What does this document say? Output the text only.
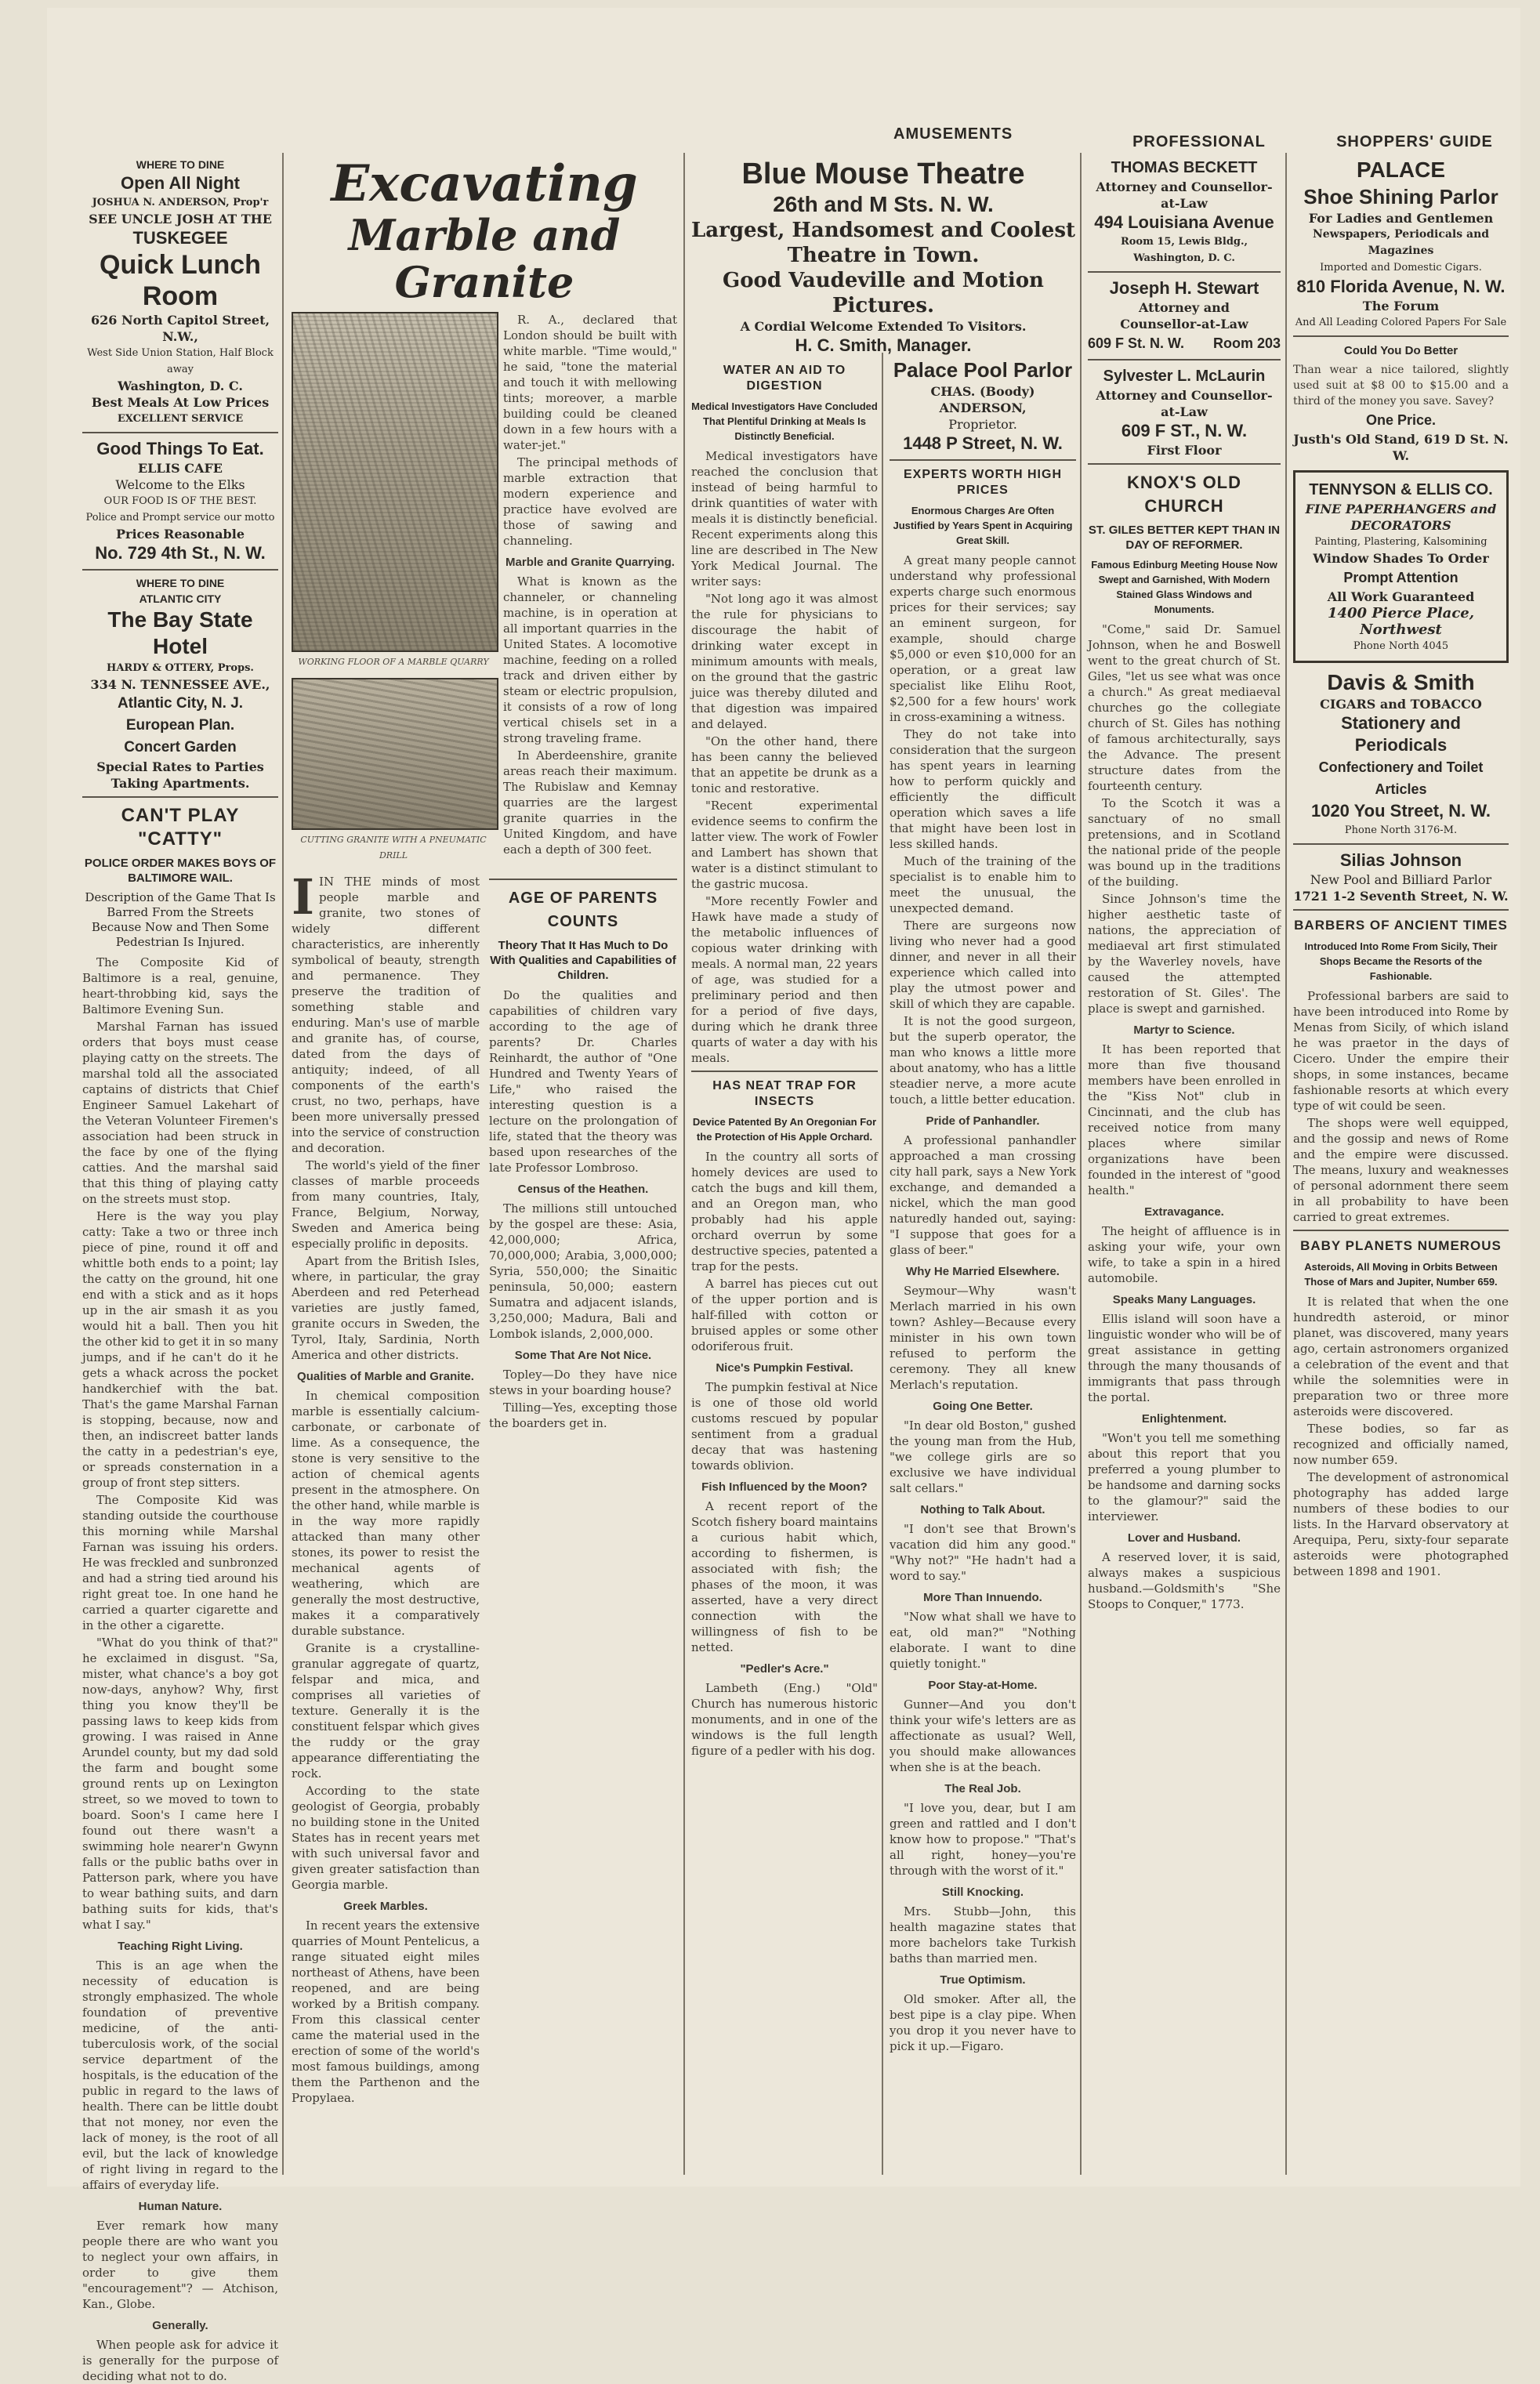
AMUSEMENTS	PROFESSIONAL	SHOPPERS' GUIDE
WHERE TO DINE
Open All Night
JOSHUA N. ANDERSON, Prop'r
SEE UNCLE JOSH AT THE
TUSKEGEE
Quick Lunch Room
626 North Capitol Street, N.W.,
West Side Union Station, Half Block away
Washington, D. C.
Best Meals At Low Prices
EXCELLENT SERVICE
Good Things To Eat.
ELLIS CAFE
Welcome to the Elks
OUR FOOD IS OF THE BEST.
Police and Prompt service our motto
Prices Reasonable
No. 729 4th St., N. W.
WHERE TO DINE
ATLANTIC CITY
The Bay State Hotel
HARDY & OTTERY, Props.
334 N. TENNESSEE AVE.,
Atlantic City, N. J.
European Plan.
Concert Garden
Special Rates to Parties Taking Apartments.
CAN'T PLAY "CATTY"
POLICE ORDER MAKES BOYS OF BALTIMORE WAIL.
Description of the Game That Is Barred From the Streets Because Now and Then Some Pedestrian Is Injured.

The Composite Kid of Baltimore is a real, genuine, heart-throbbing kid, says the Baltimore Evening Sun.

Marshal Farnan has issued orders that boys must cease playing catty on the streets. The marshal told all the associated captains of districts that Chief Engineer Samuel Lakehart of the Veteran Volunteer Firemen's association had been struck in the face by one of the flying catties. And the marshal said that this thing of playing catty on the streets must stop.

Here is the way you play catty: Take a two or three inch piece of pine, round it off and whittle both ends to a point; lay the catty on the ground, hit one end with a stick and as it hops up in the air smash it as you would hit a ball. Then you hit the other kid to get it in so many jumps, and if he can't do it he gets a whack across the pocket handkerchief with the bat. That's the game Marshal Farnan is stopping, because, now and then, an indiscreet batter lands the catty in a pedestrian's eye, or spreads consternation in a group of front step sitters.

The Composite Kid was standing outside the courthouse this morning while Marshal Farnan was issuing his orders. He was freckled and sunbronzed and had a string tied around his right great toe. In one hand he carried a quarter cigarette and in the other a cigarette.

"What do you think of that?" he exclaimed in disgust. "Sa, mister, what chance's a boy got now-days, anyhow? Why, first thing you know they'll be passing laws to keep kids from growing. I was raised in Anne Arundel county, but my dad sold the farm and bought some ground rents up on Lexington street, so we moved to town to board. Soon's I came here I found out there wasn't a swimming hole nearer'n Gwynn falls or the public baths over in Patterson park, where you have to wear bathing suits, and darn bathing suits for kids, that's what I say."

Teaching Right Living.

This is an age when the necessity of education is strongly emphasized. The whole foundation of preventive medicine, of the anti-tuberculosis work, of the social service department of the hospitals, is the education of the public in regard to the laws of health. There can be little doubt that not money, nor even the lack of money, is the root of all evil, but the lack of knowledge of right living in regard to the affairs of everyday life.

Human Nature.

Ever remark how many people there are who want you to neglect your own affairs, in order to give them "encouragement"? — Atchison, Kan., Globe.

Generally.

When people ask for advice it is generally for the purpose of deciding what not to do.

Excavating
Marble and Granite
WORKING FLOOR OF A MARBLE QUARRY
CUTTING GRANITE WITH A PNEUMATIC DRILL

R. A., declared that London should be built with white marble. "Time would," he said, "tone the material and touch it with mellowing tints; moreover, a marble building could be cleaned down in a few hours with a water-jet."

The principal methods of marble extraction that modern experience and practice have evolved are those of sawing and channeling.

Marble and Granite Quarrying.

What is known as the channeler, or channeling machine, is in operation at all important quarries in the United States. A locomotive machine, feeding on a rolled track and driven either by steam or electric propulsion, it consists of a row of long vertical chisels set in a strong traveling frame.

In Aberdeenshire, granite areas reach their maximum. The Rubislaw and Kemnay quarries are the largest granite quarries in the United Kingdom, and have each a depth of 300 feet.

IIN THE minds of most people marble and granite, two stones of widely different characteristics, are inherently symbolical of beauty, strength and permanence. They preserve the tradition of something stable and enduring. Man's use of marble and granite has, of course, dated from the days of antiquity; indeed, of all components of the earth's crust, no two, perhaps, have been more universally pressed into the service of construction and decoration.

The world's yield of the finer classes of marble proceeds from many countries, Italy, France, Belgium, Norway, Sweden and America being especially prolific in deposits.

Apart from the British Isles, where, in particular, the gray Aberdeen and red Peterhead varieties are justly famed, granite occurs in Sweden, the Tyrol, Italy, Sardinia, North America and other districts.

Qualities of Marble and Granite.

In chemical composition marble is essentially calcium-carbonate, or carbonate of lime. As a consequence, the stone is very sensitive to the action of chemical agents present in the atmosphere. On the other hand, while marble is in the way more rapidly attacked than many other stones, its power to resist the mechanical agents of weathering, which are generally the most destructive, makes it a comparatively durable substance.

Granite is a crystalline-granular aggregate of quartz, felspar and mica, and comprises all varieties of texture. Generally it is the constituent felspar which gives the ruddy or the gray appearance differentiating the rock.

According to the state geologist of Georgia, probably no building stone in the United States has in recent years met with such universal favor and given greater satisfaction than Georgia marble.

Greek Marbles.

In recent years the extensive quarries of Mount Pentelicus, a range situated eight miles northeast of Athens, have been reopened, and are being worked by a British company. From this classical center came the material used in the erection of some of the world's most famous buildings, among them the Parthenon and the Propylaea.

AGE OF PARENTS COUNTS
Theory That It Has Much to Do With Qualities and Capabilities of Children.

Do the qualities and capabilities of children vary according to the age of parents? Dr. Charles Reinhardt, the author of "One Hundred and Twenty Years of Life," who raised the interesting question is a lecture on the prolongation of life, stated that the theory was based upon researches of the late Professor Lombroso.

Census of the Heathen.

The millions still untouched by the gospel are these: Asia, 42,000,000; Africa, 70,000,000; Arabia, 3,000,000; Syria, 550,000; the Sinaitic peninsula, 50,000; eastern Sumatra and adjacent islands, 3,250,000; Madura, Bali and Lombok islands, 2,000,000.

Some That Are Not Nice.

Topley—Do they have nice stews in your boarding house?

Tilling—Yes, excepting those the boarders get in.

Blue Mouse Theatre
26th and M Sts. N. W.
Largest, Handsomest and Coolest
Theatre in Town.
Good Vaudeville and Motion Pictures.
A Cordial Welcome Extended To Visitors.
H. C. Smith, Manager.
WATER AN AID TO DIGESTION
Medical Investigators Have Concluded That Plentiful Drinking at Meals Is Distinctly Beneficial.

Medical investigators have reached the conclusion that instead of being harmful to drink quantities of water with meals it is distinctly beneficial. Recent experiments along this line are described in The New York Medical Journal. The writer says:

"Not long ago it was almost the rule for physicians to discourage the habit of drinking water except in minimum amounts with meals, on the ground that the gastric juice was thereby diluted and that digestion was impaired and delayed.

"On the other hand, there has been canny the believed that an appetite be drunk as a tonic and restorative.

"Recent experimental evidence seems to confirm the latter view. The work of Fowler and Lambert has shown that water is a distinct stimulant to the gastric mucosa.

"More recently Fowler and Hawk have made a study of the metabolic influences of copious water drinking with meals. A normal man, 22 years of age, was studied for a preliminary period and then for a period of five days, during which he drank three quarts of water a day with his meals.

HAS NEAT TRAP FOR INSECTS
Device Patented By An Oregonian For the Protection of His Apple Orchard.

In the country all sorts of homely devices are used to catch the bugs and kill them, and an Oregon man, who probably had his apple orchard overrun by some destructive species, patented a trap for the pests.

A barrel has pieces cut out of the upper portion and is half-filled with cotton or bruised apples or some other odoriferous fruit.

Nice's Pumpkin Festival.

The pumpkin festival at Nice is one of those old world customs rescued by popular sentiment from a gradual decay that was hastening towards oblivion.

Fish Influenced by the Moon?

A recent report of the Scotch fishery board maintains a curious habit which, according to fishermen, is associated with fish; the phases of the moon, it was asserted, have a very direct connection with the willingness of fish to be netted.

"Pedler's Acre."

Lambeth (Eng.) "Old" Church has numerous historic monuments, and in one of the windows is the full length figure of a pedler with his dog.

Palace Pool Parlor
CHAS. (Boody) ANDERSON,
Proprietor.
1448 P Street, N. W.
EXPERTS WORTH HIGH PRICES
Enormous Charges Are Often Justified by Years Spent in Acquiring Great Skill.

A great many people cannot understand why professional experts charge such enormous prices for their services; say an eminent surgeon, for example, should charge $5,000 or even $10,000 for an operation, or a great law specialist like Elihu Root, $2,500 for a few hours' work in cross-examining a witness.

They do not take into consideration that the surgeon has spent years in learning how to perform quickly and efficiently the difficult operation which saves a life that might have been lost in less skilled hands.

Much of the training of the specialist is to enable him to meet the unusual, the unexpected demand.

There are surgeons now living who never had a good dinner, and never in all their experience which called into play the utmost power and skill of which they are capable.

It is not the good surgeon, but the superb operator, the man who knows a little more about anatomy, who has a little steadier nerve, a more acute touch, a little better education.

Pride of Panhandler.

A professional panhandler approached a man crossing city hall park, says a New York exchange, and demanded a nickel, which the man good naturedly handed out, saying: "I suppose that goes for a glass of beer."

Why He Married Elsewhere.

Seymour—Why wasn't Merlach married in his own town? Ashley—Because every minister in his own town refused to perform the ceremony. They all knew Merlach's reputation.

Going One Better.

"In dear old Boston," gushed the young man from the Hub, "we college girls are so exclusive we have individual salt cellars."

Nothing to Talk About.

"I don't see that Brown's vacation did him any good." "Why not?" "He hadn't had a word to say."

More Than Innuendo.

"Now what shall we have to eat, old man?" "Nothing elaborate. I want to dine quietly tonight."

Poor Stay-at-Home.

Gunner—And you don't think your wife's letters are as affectionate as usual? Well, you should make allowances when she is at the beach.

The Real Job.

"I love you, dear, but I am green and rattled and I don't know how to propose." "That's all right, honey—you're through with the worst of it."

Still Knocking.

Mrs. Stubb—John, this health magazine states that more bachelors take Turkish baths than married men.

True Optimism.

Old smoker. After all, the best pipe is a clay pipe. When you drop it you never have to pick it up.—Figaro.

THOMAS BECKETT
Attorney and Counsellor-at-Law
494 Louisiana Avenue
Room 15, Lewis Bldg., Washington, D. C.
Joseph H. Stewart
Attorney and
Counsellor-at-Law
609 F St. N. W. Room 203
Sylvester L. McLaurin
Attorney and Counsellor-at-Law
609 F ST., N. W.
First Floor
KNOX'S OLD CHURCH
ST. GILES BETTER KEPT THAN IN DAY OF REFORMER.
Famous Edinburg Meeting House Now Swept and Garnished, With Modern Stained Glass Windows and Monuments.

"Come," said Dr. Samuel Johnson, when he and Boswell went to the great church of St. Giles, "let us see what was once a church." As great mediaeval churches go the collegiate church of St. Giles has nothing of famous architecturally, says the Advance. The present structure dates from the fourteenth century.

To the Scotch it was a sanctuary of no small pretensions, and in Scotland the national pride of the people was bound up in the traditions of the building.

Since Johnson's time the higher aesthetic taste of nations, the appreciation of mediaeval art first stimulated by the Waverley novels, have caused the attempted restoration of St. Giles'. The place is swept and garnished.

Martyr to Science.

It has been reported that more than five thousand members have been enrolled in the "Kiss Not" club in Cincinnati, and the club has received notice from many places where similar organizations have been founded in the interest of "good health."

Extravagance.

The height of affluence is in asking your wife, your own wife, to take a spin in a hired automobile.

Speaks Many Languages.

Ellis island will soon have a linguistic wonder who will be of great assistance in getting through the many thousands of immigrants that pass through the portal.

Enlightenment.

"Won't you tell me something about this report that you preferred a young plumber to be handsome and darning socks to the glamour?" said the interviewer.

Lover and Husband.

A reserved lover, it is said, always makes a suspicious husband.—Goldsmith's "She Stoops to Conquer," 1773.

PALACE
Shoe Shining Parlor
For Ladies and Gentlemen
Newspapers, Periodicals and Magazines
Imported and Domestic Cigars.
810 Florida Avenue, N. W.
The Forum
And All Leading Colored Papers For Sale
Could You Do Better
Than wear a nice tailored, slightly used suit at $8 00 to $15.00 and a third of the money you save. Savey?
One Price.
Justh's Old Stand, 619 D St. N. W.
TENNYSON & ELLIS CO.
FINE PAPERHANGERS and DECORATORS
Painting, Plastering, Kalsomining
Window Shades To Order
Prompt Attention
All Work Guaranteed
1400 Pierce Place, Northwest
Phone North 4045
Davis & Smith
CIGARS and TOBACCO
Stationery and Periodicals
Confectionery and Toilet Articles
1020 You Street, N. W.
Phone North 3176-M.
Silias Johnson
New Pool and Billiard Parlor
1721 1-2 Seventh Street, N. W.
BARBERS OF ANCIENT TIMES
Introduced Into Rome From Sicily, Their Shops Became the Resorts of the Fashionable.

Professional barbers are said to have been introduced into Rome by Menas from Sicily, of which island he was praetor in the days of Cicero. Under the empire their shops, in some instances, became fashionable resorts at which every type of wit could be seen.

The shops were well equipped, and the gossip and news of Rome and the empire were discussed. The means, luxury and weaknesses of personal adornment there seem in all probability to have been carried to great extremes.

BABY PLANETS NUMEROUS
Asteroids, All Moving in Orbits Between Those of Mars and Jupiter, Number 659.

It is related that when the one hundredth asteroid, or minor planet, was discovered, many years ago, certain astronomers organized a celebration of the event and that while the solemnities were in preparation two or three more asteroids were discovered.

These bodies, so far as recognized and officially named, now number 659.

The development of astronomical photography has added large numbers of these bodies to our lists. In the Harvard observatory at Arequipa, Peru, sixty-four separate asteroids were photographed between 1898 and 1901.
